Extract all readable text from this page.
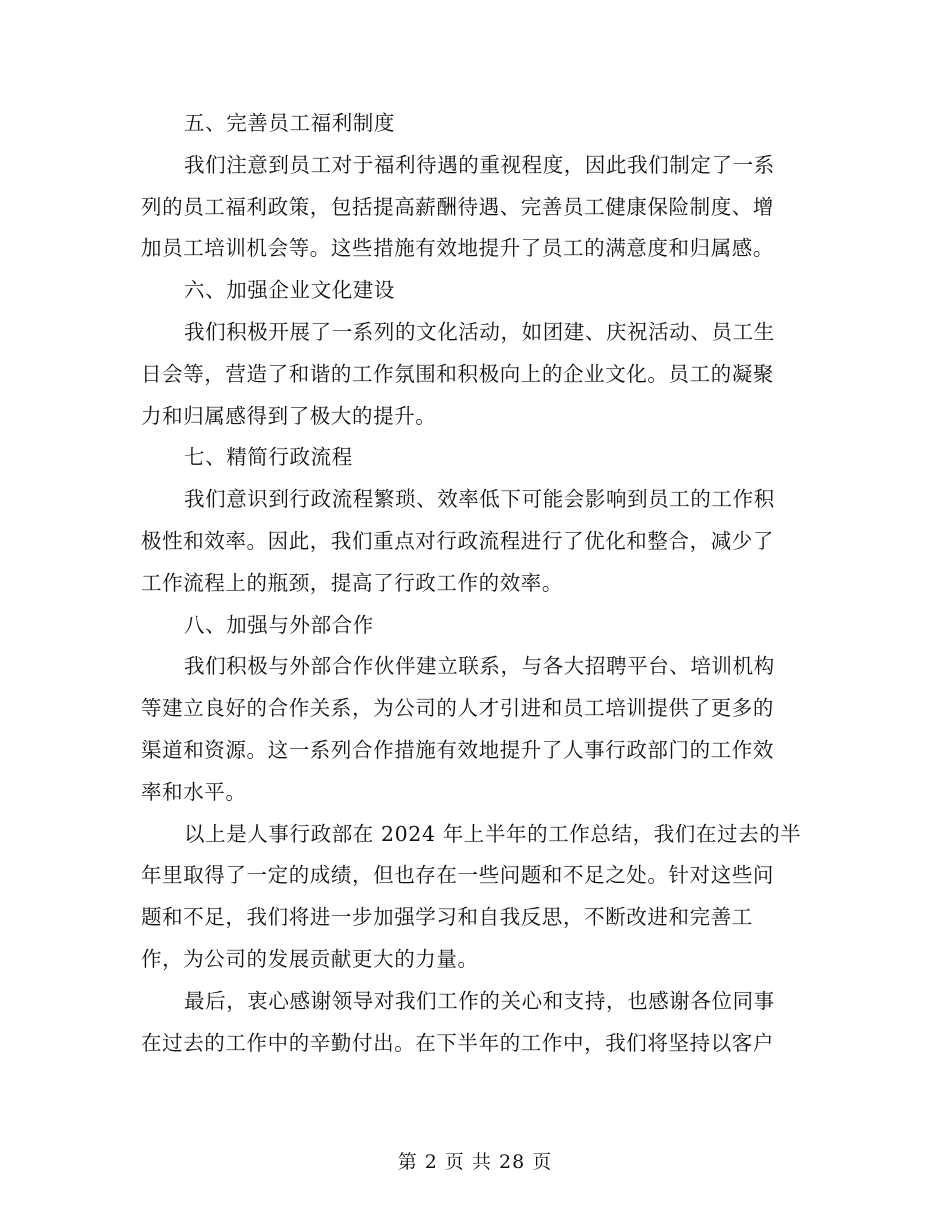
五、完善员工福利制度
我们注意到员工对于福利待遇的重视程度，因此我们制定了一系
列的员工福利政策，包括提高薪酬待遇、完善员工健康保险制度、增
加员工培训机会等。这些措施有效地提升了员工的满意度和归属感。
六、加强企业文化建设
我们积极开展了一系列的文化活动，如团建、庆祝活动、员工生
日会等，营造了和谐的工作氛围和积极向上的企业文化。员工的凝聚
力和归属感得到了极大的提升。
七、精简行政流程
我们意识到行政流程繁琐、效率低下可能会影响到员工的工作积
极性和效率。因此，我们重点对行政流程进行了优化和整合，减少了
工作流程上的瓶颈，提高了行政工作的效率。
八、加强与外部合作
我们积极与外部合作伙伴建立联系，与各大招聘平台、培训机构
等建立良好的合作关系，为公司的人才引进和员工培训提供了更多的
渠道和资源。这一系列合作措施有效地提升了人事行政部门的工作效
率和水平。
以上是人事行政部在 2024 年上半年的工作总结，我们在过去的半
年里取得了一定的成绩，但也存在一些问题和不足之处。针对这些问
题和不足，我们将进一步加强学习和自我反思，不断改进和完善工
作，为公司的发展贡献更大的力量。
最后，衷心感谢领导对我们工作的关心和支持，也感谢各位同事
在过去的工作中的辛勤付出。在下半年的工作中，我们将坚持以客户
第 2 页 共 28 页
